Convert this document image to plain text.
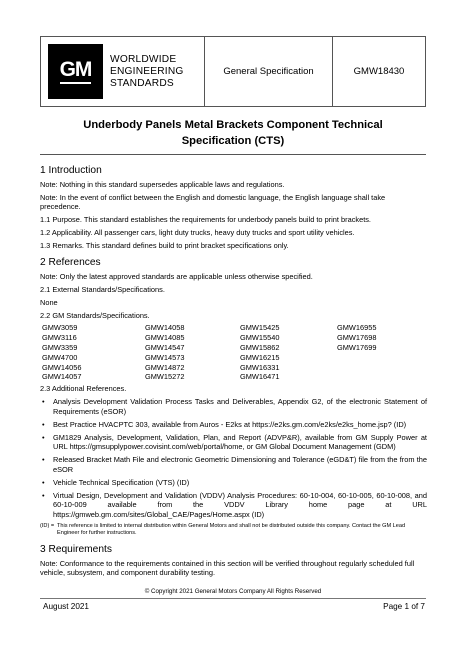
GM WORLDWIDE
ENGINEERING
STANDARDS
General Specification	GMW18430
Underbody Panels Metal Brackets Component Technical
Specification (CTS)
1 Introduction
Note: Nothing in this standard supersedes applicable laws and regulations.
Note: In the event of conflict between the English and domestic language, the English language shall take precedence.
1.1 Purpose. This standard establishes the requirements for underbody panels build to print brackets.
1.2 Applicability. All passenger cars, light duty trucks, heavy duty trucks and sport utility vehicles.
1.3 Remarks. This standard defines build to print bracket specifications only.
2 References
Note: Only the latest approved standards are applicable unless otherwise specified.
2.1 External Standards/Specifications.
None
2.2 GM Standards/Specifications.
GMW3059	GMW14058	GMW15425	GMW16955
GMW3116	GMW14085	GMW15540	GMW17698
GMW3359	GMW14547	GMW15862	GMW17699
GMW4700	GMW14573	GMW16215
GMW14056	GMW14872	GMW16331
GMW14057	GMW15272	GMW16471
2.3 Additional References.
• Analysis Development Validation Process Tasks and Deliverables, Appendix G2, of the electronic Statement of Requirements (eSOR)
• Best Practice HVACPTC 303, available from Auros - E2ks at https://e2ks.gm.com/e2ks/e2ks_home.jsp? (ID)
• GM1829 Analysis, Development, Validation, Plan, and Report (ADVP&R), available from GM Supply Power at URL https://gmsupplypower.covisint.com/web/portal/home, or GM Global Document Management (GDM)
• Released Bracket Math File and electronic Geometric Dimensioning and Tolerance (eGD&T) file from the from the eSOR
• Vehicle Technical Specification (VTS) (ID)
• Virtual Design, Development and Validation (VDDV) Analysis Procedures: 60-10-004, 60-10-005, 60-10-008, and 60-10-009 available from the VDDV Library home page at URL https://gmweb.gm.com/sites/Global_CAE/Pages/Home.aspx (ID)
(ID) = This reference is limited to internal distribution within General Motors and shall not be distributed outside this company. Contact the GM Lead Engineer for further instructions.
3 Requirements
Note: Conformance to the requirements contained in this section will be verified throughout regularly scheduled full vehicle, subsystem, and component durability testing.
© Copyright 2021 General Motors Company All Rights Reserved
August 2021	Page 1 of 7
